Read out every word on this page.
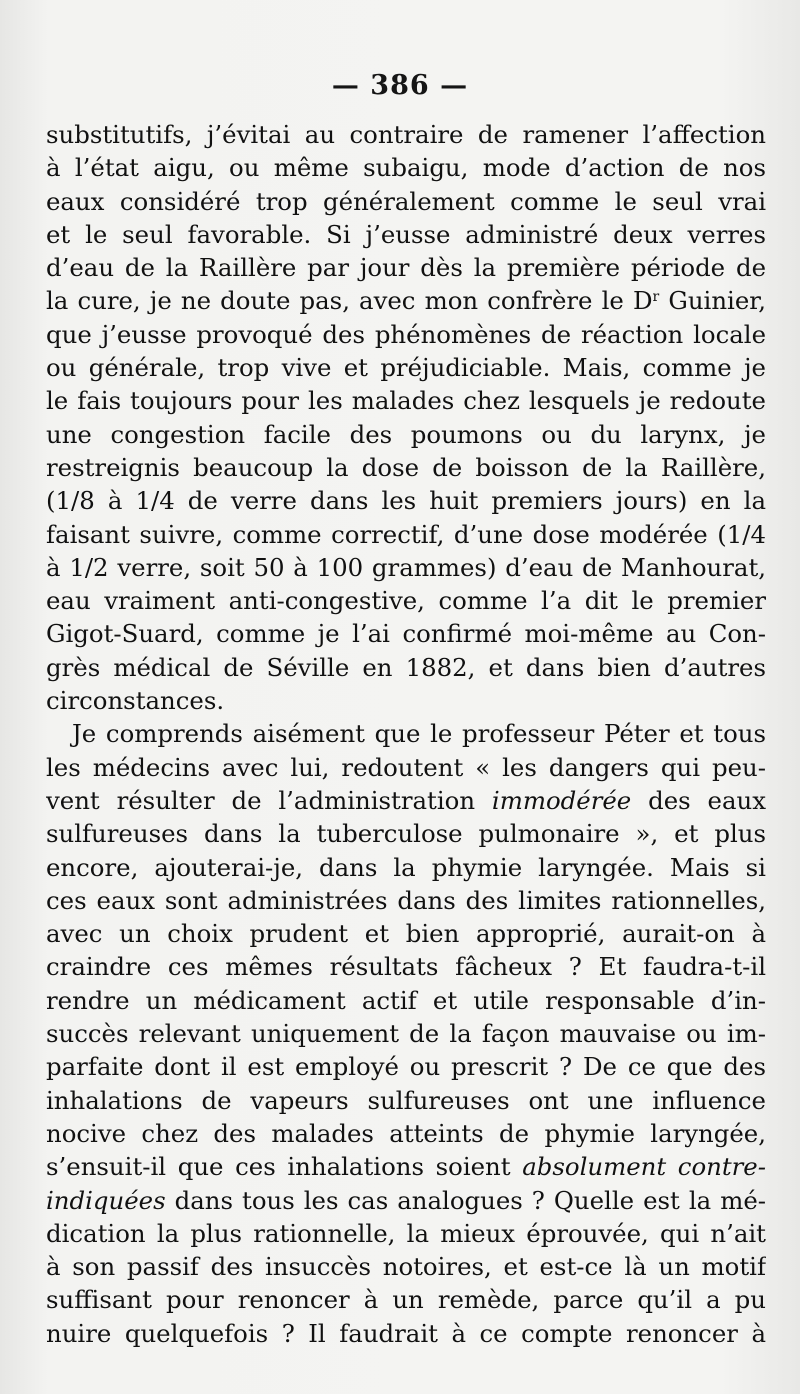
— 386 —
substitutifs, j’évitai au contraire de ramener l’affection
à l’état aigu, ou même subaigu, mode d’action de nos
eaux considéré trop généralement comme le seul vrai
et le seul favorable. Si j’eusse administré deux verres
d’eau de la Raillère par jour dès la première période de
la cure, je ne doute pas, avec mon confrère le $D^r$ Guinier,
que j’eusse provoqué des phénomènes de réaction locale
ou générale, trop vive et préjudiciable. Mais, comme je
le fais toujours pour les malades chez lesquels je redoute
une congestion facile des poumons ou du larynx, je
restreignis beaucoup la dose de boisson de la Raillère,
(1/8 à 1/4 de verre dans les huit premiers jours) en la
faisant suivre, comme correctif, d’une dose modérée (1/4
à 1/2 verre, soit 50 à 100 grammes) d’eau de Manhourat,
eau vraiment anti-congestive, comme l’a dit le premier
Gigot-Suard, comme je l’ai confirmé moi-même au Con-
grès médical de Séville en 1882, et dans bien d’autres
circonstances.
Je comprends aisément que le professeur Péter et tous
les médecins avec lui, redoutent « les dangers qui peu-
vent résulter de l’administration immodérée des eaux
sulfureuses dans la tuberculose pulmonaire », et plus
encore, ajouterai-je, dans la phymie laryngée. Mais si
ces eaux sont administrées dans des limites rationnelles,
avec un choix prudent et bien approprié, aurait-on à
craindre ces mêmes résultats fâcheux ? Et faudra-t-il
rendre un médicament actif et utile responsable d’in-
succès relevant uniquement de la façon mauvaise ou im-
parfaite dont il est employé ou prescrit ? De ce que des
inhalations de vapeurs sulfureuses ont une influence
nocive chez des malades atteints de phymie laryngée,
s’ensuit-il que ces inhalations soient absolument contre-
indiquées dans tous les cas analogues ? Quelle est la mé-
dication la plus rationnelle, la mieux éprouvée, qui n’ait
à son passif des insuccès notoires, et est-ce là un motif
suffisant pour renoncer à un remède, parce qu’il a pu
nuire quelquefois ? Il faudrait à ce compte renoncer à
